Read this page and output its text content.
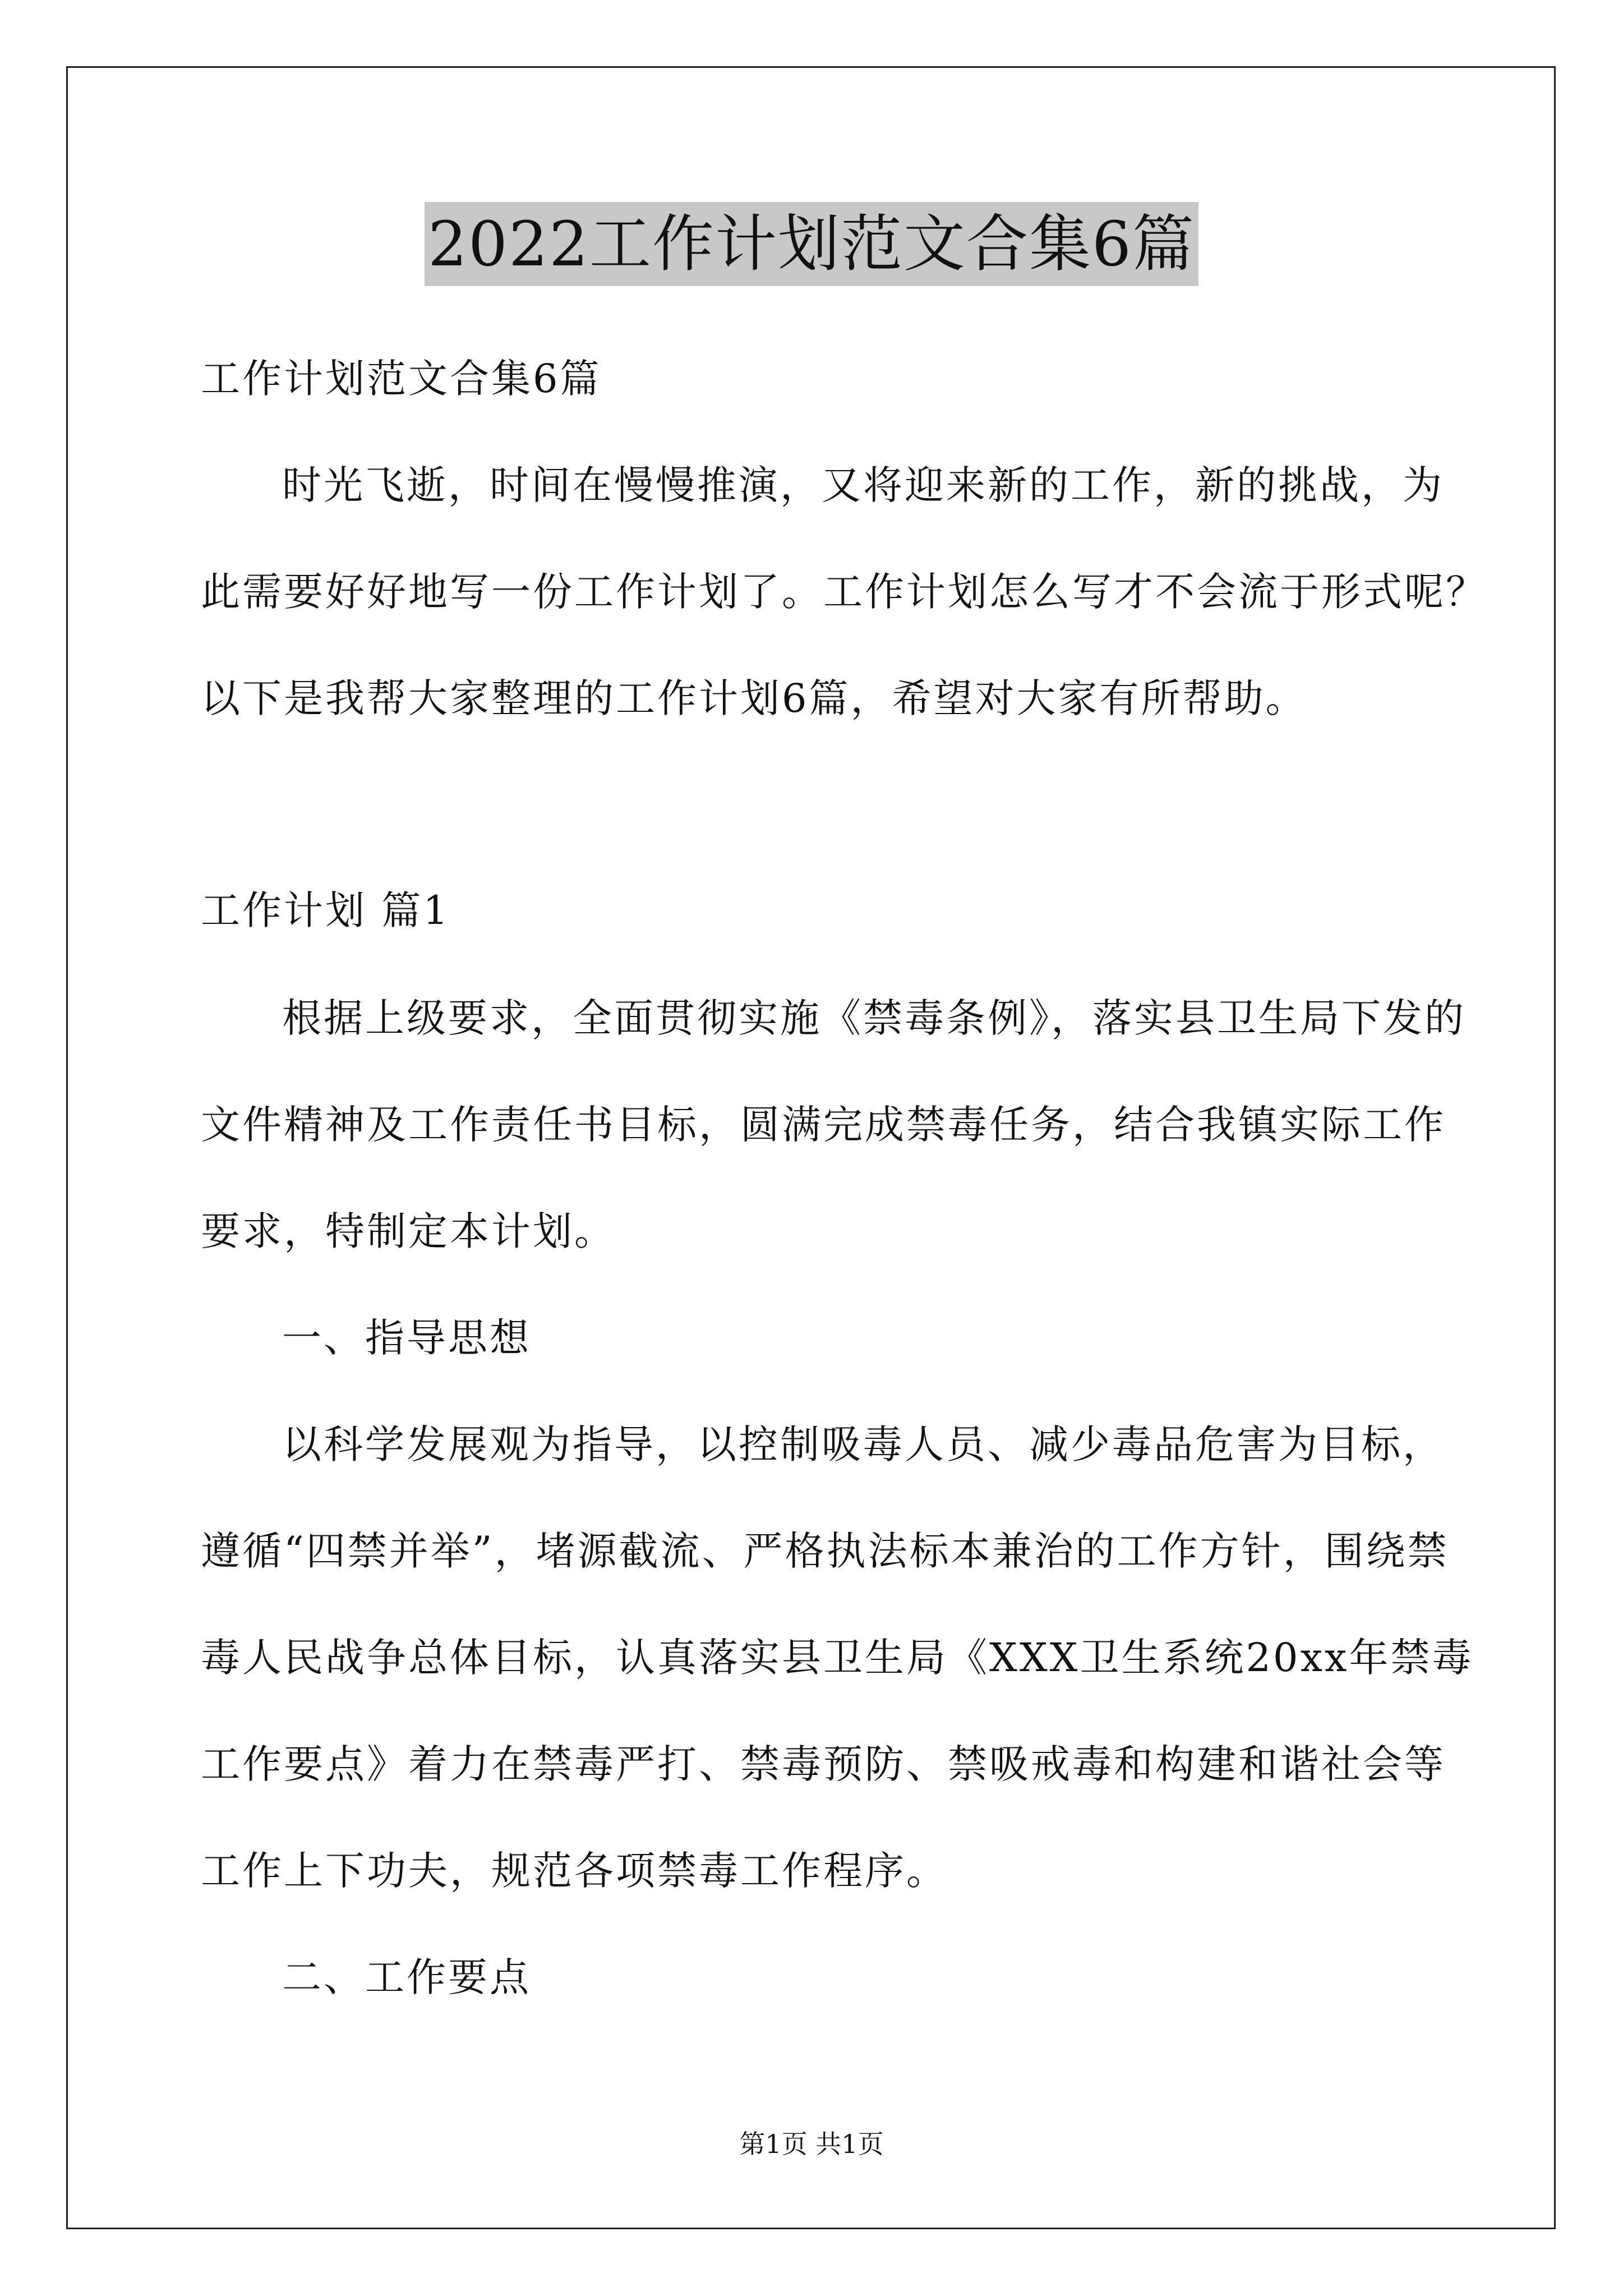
2022工作计划范文合集6篇
工作计划范文合集6篇
时光飞逝，时间在慢慢推演，又将迎来新的工作，新的挑战，为
此需要好好地写一份工作计划了。工作计划怎么写才不会流于形式呢？
以下是我帮大家整理的工作计划6篇，希望对大家有所帮助。
工作计划 篇1
根据上级要求，全面贯彻实施《禁毒条例》，落实县卫生局下发的
文件精神及工作责任书目标，圆满完成禁毒任务，结合我镇实际工作
要求，特制定本计划。
一、指导思想
以科学发展观为指导，以控制吸毒人员、减少毒品危害为目标，
遵循“四禁并举”，堵源截流、严格执法标本兼治的工作方针，围绕禁
毒人民战争总体目标，认真落实县卫生局《XXX卫生系统20xx年禁毒
工作要点》着力在禁毒严打、禁毒预防、禁吸戒毒和构建和谐社会等
工作上下功夫，规范各项禁毒工作程序。
二、工作要点
第1页 共1页
